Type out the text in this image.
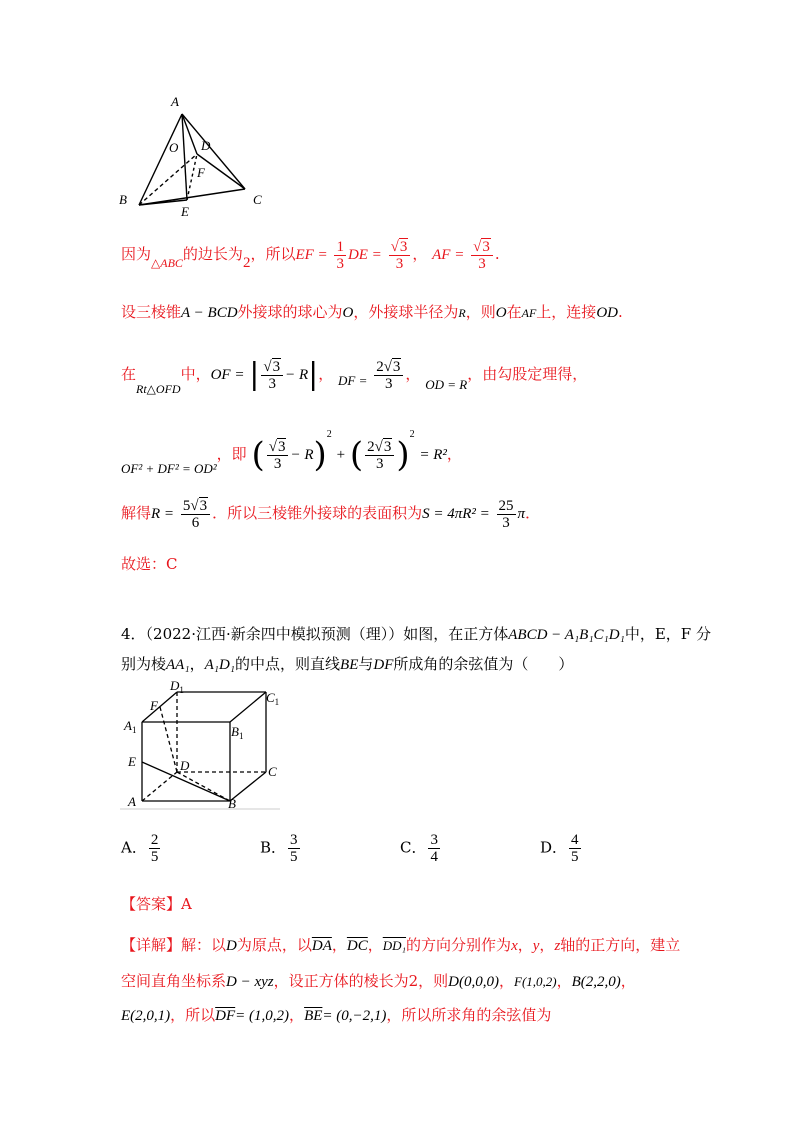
A
O D
F
B
E
C
因为$_{\triangle ABC}$的边长为2，所以EF = $\frac{1}{3}$ DE = $\frac{√3}{3}$ ， AF = $\frac{√3}{3}$ .
设三棱锥A − BCD外接球的球心为O，外接球半径为R，则O在AF上，连接OD.
在$_{Rt\triangle OFD}$中，OF = | $\frac{√3}{3} - R|$， DF = $\frac{2√3}{3}$ ， OD = R，由勾股定理得，
OF² + DF² = OD²，即 ( $\frac{√3}{3} - R)^2$ + ( $\frac{2√3}{3} )^2 = R^2$，
解得$R = \frac{5√3}{6}$ ．所以三棱锥外接球的表面积为$S = 4\pi R^2 = \frac{25}{3}$ π．
故选：C
4．（2022·江西·新余四中模拟预测（理））如图，在正方体ABCD − A₁B₁C₁D₁中，E，F 分
别为棱AA₁，A₁D₁的中点，则直线BE与DF所成角的余弦值为（　　）
$D_1$	$C_1$
F
$A_1$	$B_1$
E	D	C
A	B
A． $\frac{2}{5}$	B． $\frac{3}{5}$	C． $\frac{3}{4}$	D． $\frac{4}{5}$
【答案】A
【详解】解：以D为原点，以$\overline{DA}$，$\overline{DC}$，DD₁的方向分别作为x，y，z轴的正方向，建立
空间直角坐标系D − xyz，设正方体的棱长为2，则D(0,0,0)，F(1,0,2)，B(2,2,0)，
E(2,0,1)，所以$\overline{DF}= (1,0,2)$，$\overline{BE}= (0,-2,1)$，所以所求角的余弦值为
